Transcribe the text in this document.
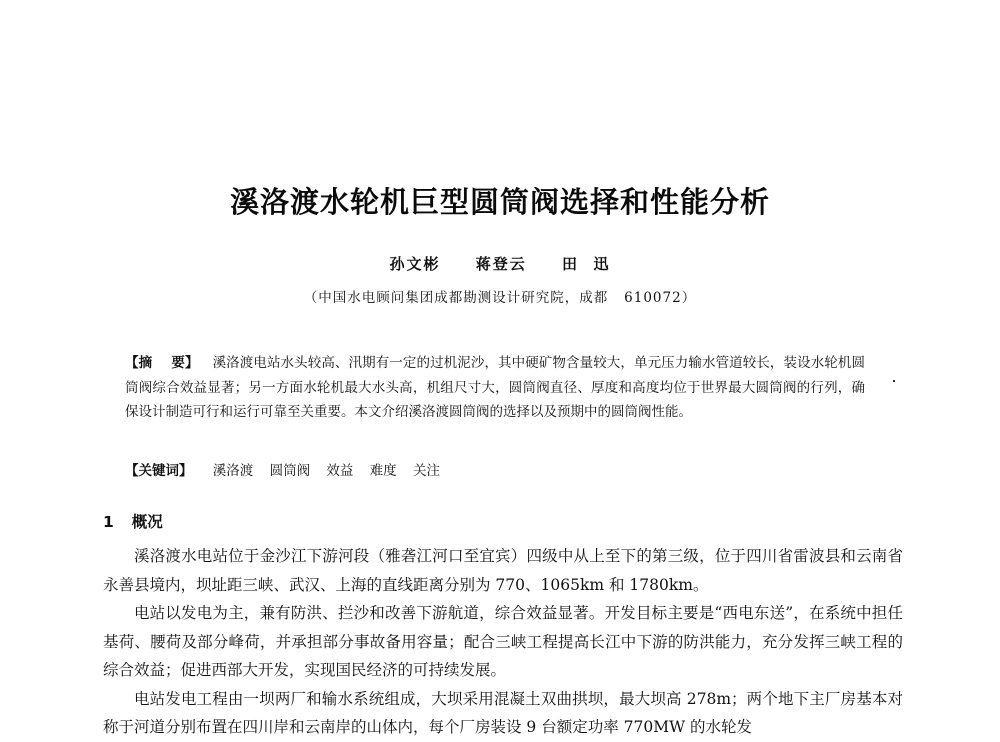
溪洛渡水轮机巨型圆筒阀选择和性能分析
孙文彬 蒋登云 田  迅
（中国水电顾问集团成都勘测设计研究院，成都   610072）
【摘    要】 溪洛渡电站水头较高、汛期有一定的过机泥沙，其中硬矿物含量较大，单元压力输水管道较长，装设水轮机圆筒阀综合效益显著；另一方面水轮机最大水头高，机组尺寸大，圆筒阀直径、厚度和高度均位于世界最大圆筒阀的行列，确保设计制造可行和运行可靠至关重要。本文介绍溪洛渡圆筒阀的选择以及预期中的圆筒阀性能。
【关键词】 溪洛渡 圆筒阀 效益 难度 关注
1 概况

溪洛渡水电站位于金沙江下游河段（雅砻江河口至宜宾）四级中从上至下的第三级，位于四川省雷波县和云南省永善县境内，坝址距三峡、武汉、上海的直线距离分别为 770、1065km 和 1780km。

电站以发电为主，兼有防洪、拦沙和改善下游航道，综合效益显著。开发目标主要是“西电东送”，在系统中担任基荷、腰荷及部分峰荷，并承担部分事故备用容量；配合三峡工程提高长江中下游的防洪能力，充分发挥三峡工程的综合效益；促进西部大开发，实现国民经济的可持续发展。

电站发电工程由一坝两厂和输水系统组成，大坝采用混凝土双曲拱坝，最大坝高 278m；两个地下主厂房基本对称于河道分别布置在四川岸和云南岸的山体内，每个厂房装设 9 台额定功率 770MW 的水轮发
